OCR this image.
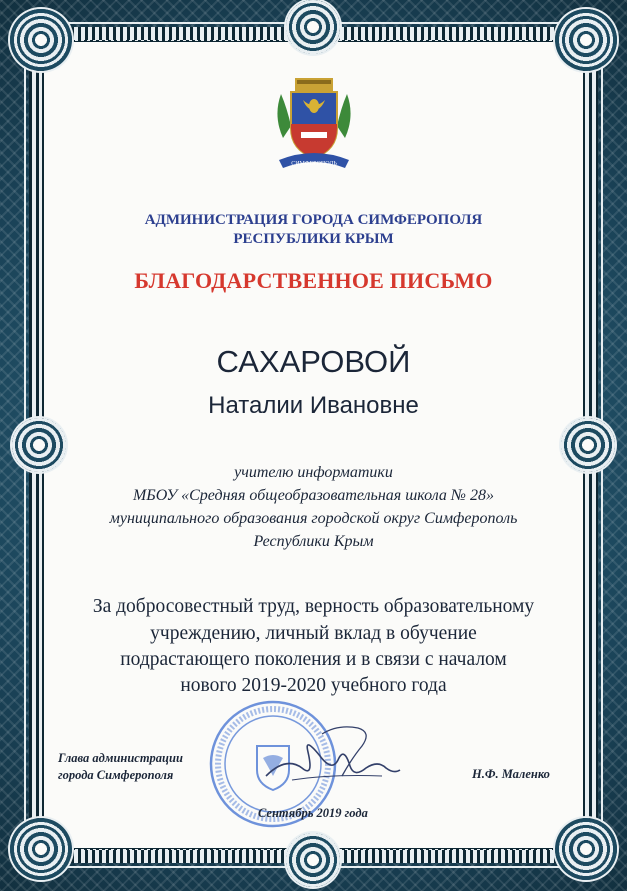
СИМФЕРОПОЛЬ
АДМИНИСТРАЦИЯ ГОРОДА СИМФЕРОПОЛЯ
РЕСПУБЛИКИ КРЫМ
БЛАГОДАРСТВЕННОЕ ПИСЬМО
САХАРОВОЙ
Наталии Ивановне
учителю информатики
МБОУ «Средняя общеобразовательная школа № 28»
муниципального образования городской округ Симферополь
Республики Крым
За добросовестный труд, верность образовательному
учреждению, личный вклад в обучение
подрастающего поколения и в связи с началом
нового 2019-2020 учебного года
Глава администрации
города Симферополя	Н.Ф. Маленко
Сентябрь 2019 года
